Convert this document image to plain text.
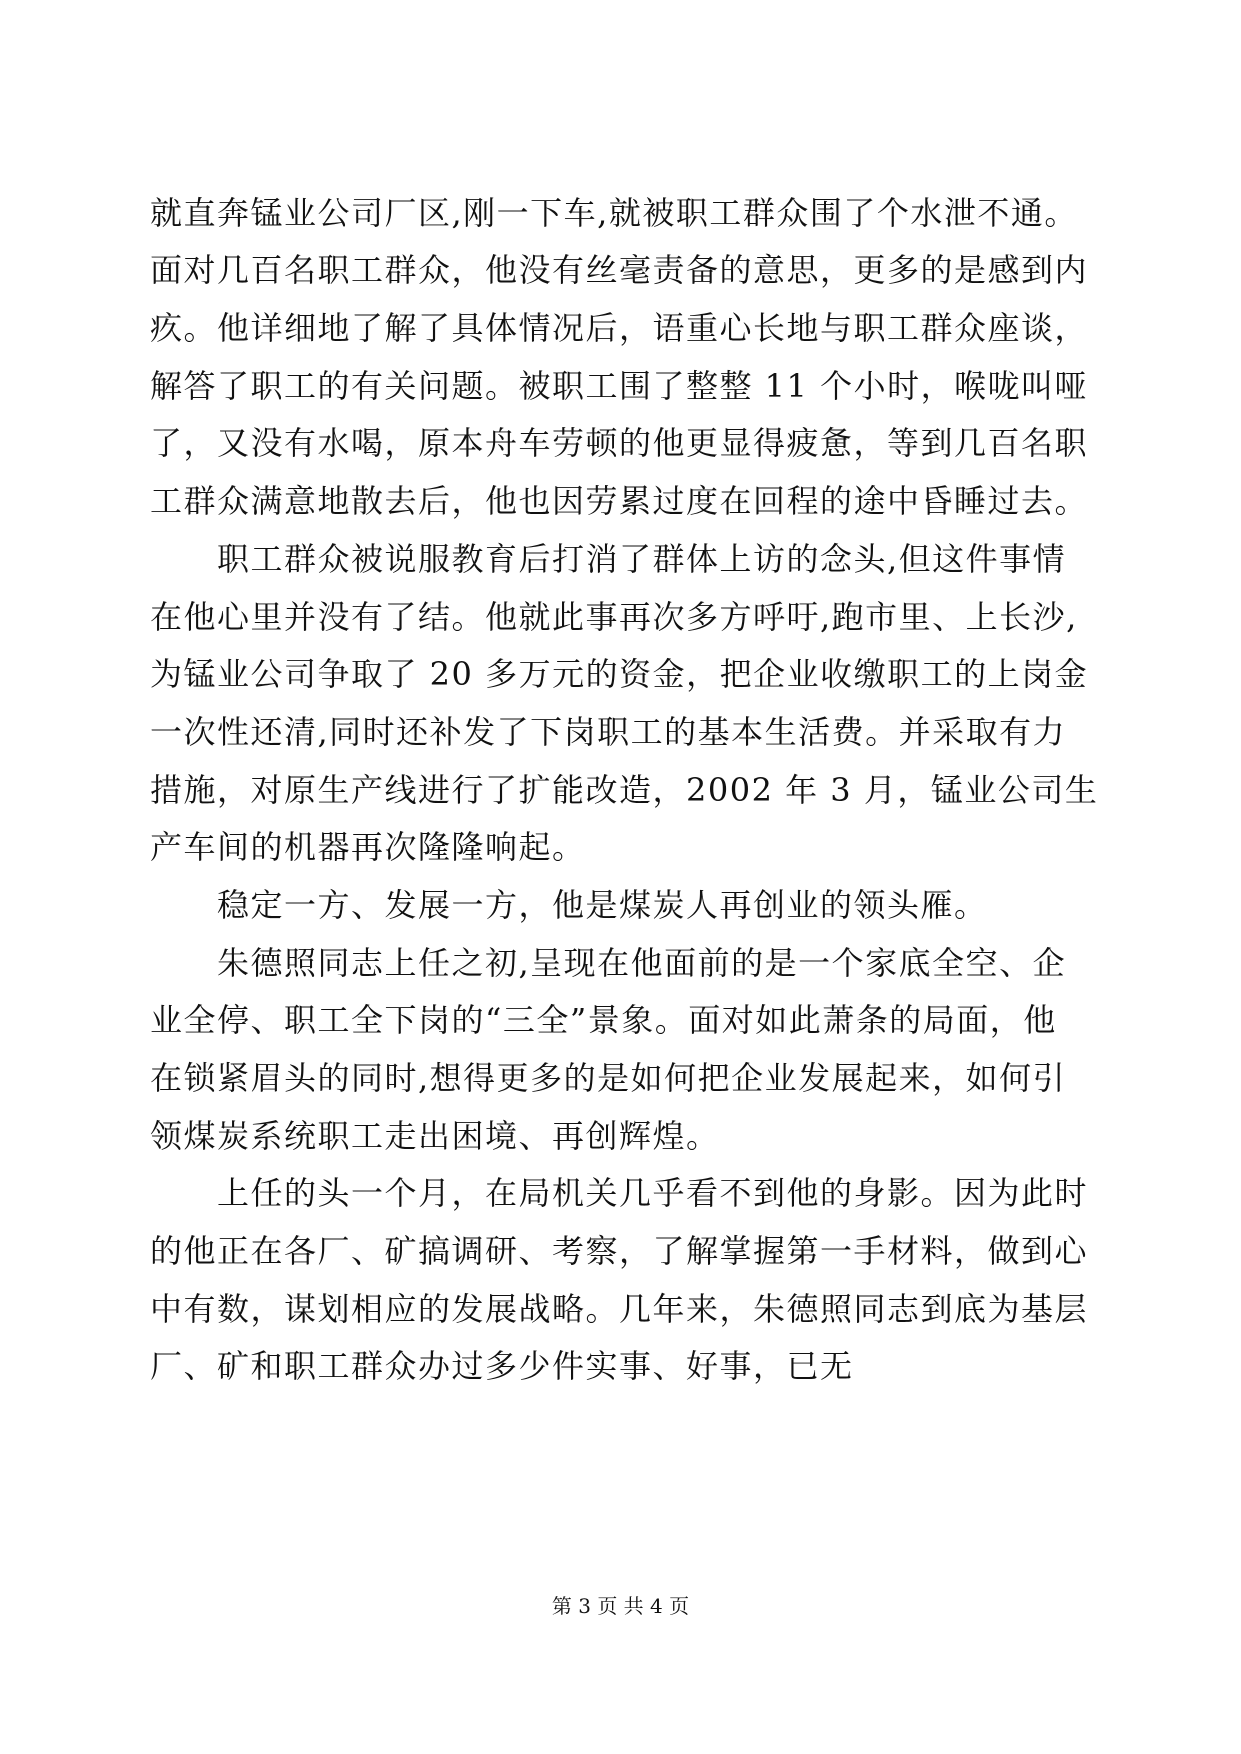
就直奔锰业公司厂区,刚一下车,就被职工群众围了个水泄不通。
面对几百名职工群众，他没有丝毫责备的意思，更多的是感到内
疚。他详细地了解了具体情况后，语重心长地与职工群众座谈，
解答了职工的有关问题。被职工围了整整 11 个小时，喉咙叫哑
了，又没有水喝，原本舟车劳顿的他更显得疲惫，等到几百名职
工群众满意地散去后，他也因劳累过度在回程的途中昏睡过去。
　　职工群众被说服教育后打消了群体上访的念头,但这件事情
在他心里并没有了结。他就此事再次多方呼吁,跑市里、上长沙,
为锰业公司争取了 20 多万元的资金，把企业收缴职工的上岗金
一次性还清,同时还补发了下岗职工的基本生活费。并采取有力
措施，对原生产线进行了扩能改造，2002 年 3 月，锰业公司生
产车间的机器再次隆隆响起。
　　稳定一方、发展一方，他是煤炭人再创业的领头雁。
　　朱德照同志上任之初,呈现在他面前的是一个家底全空、企
业全停、职工全下岗的“三全”景象。面对如此萧条的局面，他
在锁紧眉头的同时,想得更多的是如何把企业发展起来，如何引
领煤炭系统职工走出困境、再创辉煌。
　　上任的头一个月，在局机关几乎看不到他的身影。因为此时
的他正在各厂、矿搞调研、考察，了解掌握第一手材料，做到心
中有数，谋划相应的发展战略。几年来，朱德照同志到底为基层
厂、矿和职工群众办过多少件实事、好事，已无
第 3 页 共 4 页
